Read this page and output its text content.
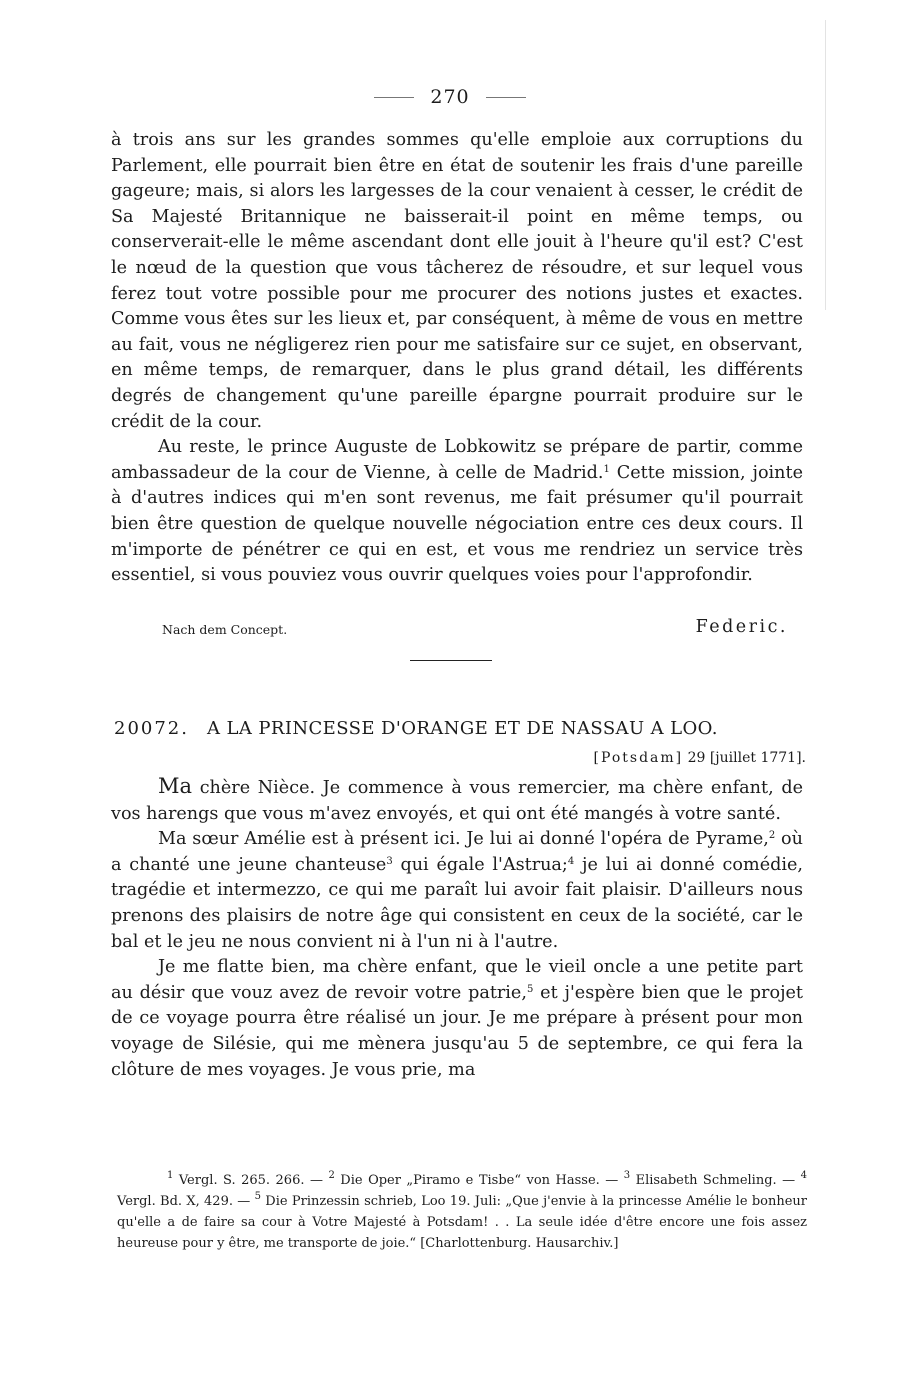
270

à trois ans sur les grandes sommes qu'elle emploie aux corruptions du Parlement, elle pourrait bien être en état de soutenir les frais d'une pareille gageure; mais, si alors les largesses de la cour venaient à cesser, le crédit de Sa Majesté Britannique ne baisserait-il point en même temps, ou conserverait-elle le même ascendant dont elle jouit à l'heure qu'il est? C'est le nœud de la question que vous tâcherez de résoudre, et sur lequel vous ferez tout votre possible pour me procurer des notions justes et exactes. Comme vous êtes sur les lieux et, par conséquent, à même de vous en mettre au fait, vous ne négligerez rien pour me satisfaire sur ce sujet, en observant, en même temps, de remarquer, dans le plus grand détail, les différents degrés de changement qu'une pareille épargne pourrait produire sur le crédit de la cour.

Au reste, le prince Auguste de Lobkowitz se prépare de partir, comme ambassadeur de la cour de Vienne, à celle de Madrid.$^1$ Cette mission, jointe à d'autres indices qui m'en sont revenus, me fait présumer qu'il pourrait bien être question de quelque nouvelle négociation entre ces deux cours. Il m'importe de pénétrer ce qui en est, et vous me rendriez un service très essentiel, si vous pouviez vous ouvrir quelques voies pour l'approfondir.

Nach dem Concept.	Federic.
20072. A LA PRINCESSE D'ORANGE ET DE NASSAU A LOO.
[Potsdam] 29 [juillet 1771].

Ma chère Nièce. Je commence à vous remercier, ma chère enfant, de vos harengs que vous m'avez envoyés, et qui ont été mangés à votre santé.

Ma sœur Amélie est à présent ici. Je lui ai donné l'opéra de Pyrame,$^2$ où a chanté une jeune chanteuse$^3$ qui égale l'Astrua;$^4$ je lui ai donné comédie, tragédie et intermezzo, ce qui me paraît lui avoir fait plaisir. D'ailleurs nous prenons des plaisirs de notre âge qui consistent en ceux de la société, car le bal et le jeu ne nous convient ni à l'un ni à l'autre.

Je me flatte bien, ma chère enfant, que le vieil oncle a une petite part au désir que vouz avez de revoir votre patrie,$^5$ et j'espère bien que le projet de ce voyage pourra être réalisé un jour. Je me prépare à présent pour mon voyage de Silésie, qui me mènera jusqu'au 5 de septembre, ce qui fera la clôture de mes voyages. Je vous prie, ma

$^1$ Vergl. S. 265. 266. — $^2$ Die Oper „Piramo e Tisbe“ von Hasse. — $^3$ Elisabeth Schmeling. — $^4$ Vergl. Bd. X, 429. — $^5$ Die Prinzessin schrieb, Loo 19. Juli: „Que j'envie à la princesse Amélie le bonheur qu'elle a de faire sa cour à Votre Majesté à Potsdam! . . La seule idée d'être encore une fois assez heureuse pour y être, me transporte de joie.“ [Charlottenburg. Hausarchiv.]
